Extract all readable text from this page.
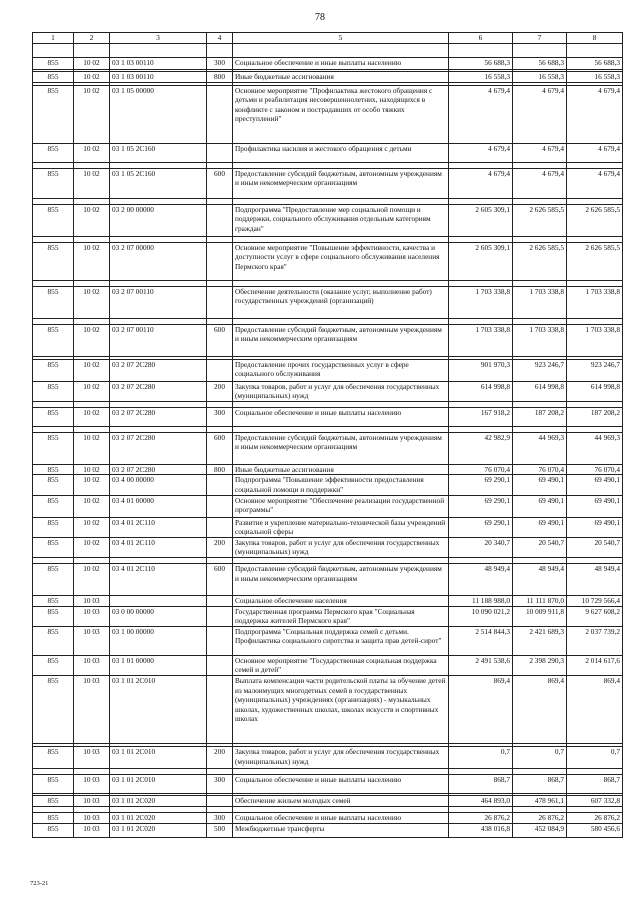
78
1	2	3	4	5	6	7	8

855	10 02	03 1 03 00110	300	Социальное обеспечение и иные выплаты населению	56 688,3	56 688,3	56 688,3

855	10 02	03 1 03 00110	800	Иные бюджетные ассигнования	16 558,3	16 558,3	16 558,3

855	10 02	03 1 05 00000		Основное мероприятие "Профилактика жестокого обращения с детьми и реабилитация несовершеннолетних, находящихся в конфликте с законом и пострадавших от особо тяжких преступлений"	4 679,4	4 679,4	4 679,4
855	10 02	03 1 05 2С160		Профилактика насилия и жестокого обращения с детьми	4 679,4	4 679,4	4 679,4

855	10 02	03 1 05 2С160	600	Предоставление субсидий бюджетным, автономным учреждениям и иным некоммерческим организациям	4 679,4	4 679,4	4 679,4

855	10 02	03 2 00 00000		Подпрограмма "Предоставление мер социальной помощи и поддержки, социального обслуживания отдельным категориям граждан"	2 605 309,1	2 626 585,5	2 626 585,5

855	10 02	03 2 07 00000		Основное мероприятие "Повышение эффективности, качества и доступности услуг в сфере социального обслуживания населения Пермского края"	2 605 309,1	2 626 585,5	2 626 585,5

855	10 02	03 2 07 00110		Обеспечение деятельности (оказание услуг, выполнение работ) государственных учреждений (организаций)	1 703 338,8	1 703 338,8	1 703 338,8

855	10 02	03 2 07 00110	600	Предоставление субсидий бюджетным, автономным учреждениям и иным некоммерческим организациям	1 703 338,8	1 703 338,8	1 703 338,8

855	10 02	03 2 07 2С280		Предоставление прочих государственных услуг в сфере социального обслуживания	901 970,3	923 246,7	923 246,7
855	10 02	03 2 07 2С280	200	Закупка товаров, работ и услуг для обеспечения государственных (муниципальных) нужд	614 998,8	614 998,8	614 998,8

855	10 02	03 2 07 2С280	300	Социальное обеспечение и иные выплаты населению	167 918,2	187 208,2	187 208,2

855	10 02	03 2 07 2С280	600	Предоставление субсидий бюджетным, автономным учреждениям и иным некоммерческим организациям	42 982,9	44 969,3	44 969,3
855	10 02	03 2 07 2С280	800	Иные бюджетные ассигнования	76 070,4	76 070,4	76 070,4
855	10 02	03 4 00 00000		Подпрограмма "Повышение эффективности предоставления социальной помощи и поддержки"	69 290,1	69 490,1	69 490,1
855	10 02	03 4 01 00000		Основное мероприятие "Обеспечение реализации государственной программы"	69 290,1	69 490,1	69 490,1
855	10 02	03 4 01 2С110		Развитие и укрепление материально-технической базы учреждений социальной сферы	69 290,1	69 490,1	69 490,1
855	10 02	03 4 01 2С110	200	Закупка товаров, работ и услуг для обеспечения государственных (муниципальных) нужд	20 340,7	20 540,7	20 540,7

855	10 02	03 4 01 2С110	600	Предоставление субсидий бюджетным, автономным учреждениям и иным некоммерческим организациям	48 949,4	48 949,4	48 949,4
855	10 03			Социальное обеспечение населения	11 188 988,0	11 111 870,0	10 729 566,4
855	10 03	03 0 00 00000		Государственная программа Пермского края "Социальная поддержка жителей Пермского края"	10 090 021,2	10 009 911,8	9 627 608,2
855	10 03	03 1 00 00000		Подпрограмма "Социальная поддержка семей с детьми. Профилактика социального сиротства и защита прав детей-сирот"	2 514 844,3	2 421 689,3	2 037 739,2
855	10 03	03 1 01 00000		Основное мероприятие "Государственная социальная поддержка семей и детей"	2 491 538,6	2 398 290,3	2 014 617,6
855	10 03	03 1 01 2С010		Выплата компенсации части родительской платы за обучение детей из малоимущих многодетных семей в государственных (муниципальных) учреждениях (организациях) - музыкальных школах, художественных школах, школах искусств и спортивных школах	869,4	869,4	869,4

855	10 03	03 1 01 2С010	200	Закупка товаров, работ и услуг для обеспечения государственных (муниципальных) нужд	0,7	0,7	0,7

855	10 03	03 1 01 2С010	300	Социальное обеспечение и иные выплаты населению	868,7	868,7	868,7

855	10 03	03 1 01 2С020		Обеспечение жильем молодых семей	464 893,0	478 961,1	607 332,8

855	10 03	03 1 01 2С020	300	Социальное обеспечение и иные выплаты населению	26 876,2	26 876,2	26 876,2
855	10 03	03 1 01 2С020	500	Межбюджетные трансферты	438 016,8	452 084,9	580 456,6
723-21
